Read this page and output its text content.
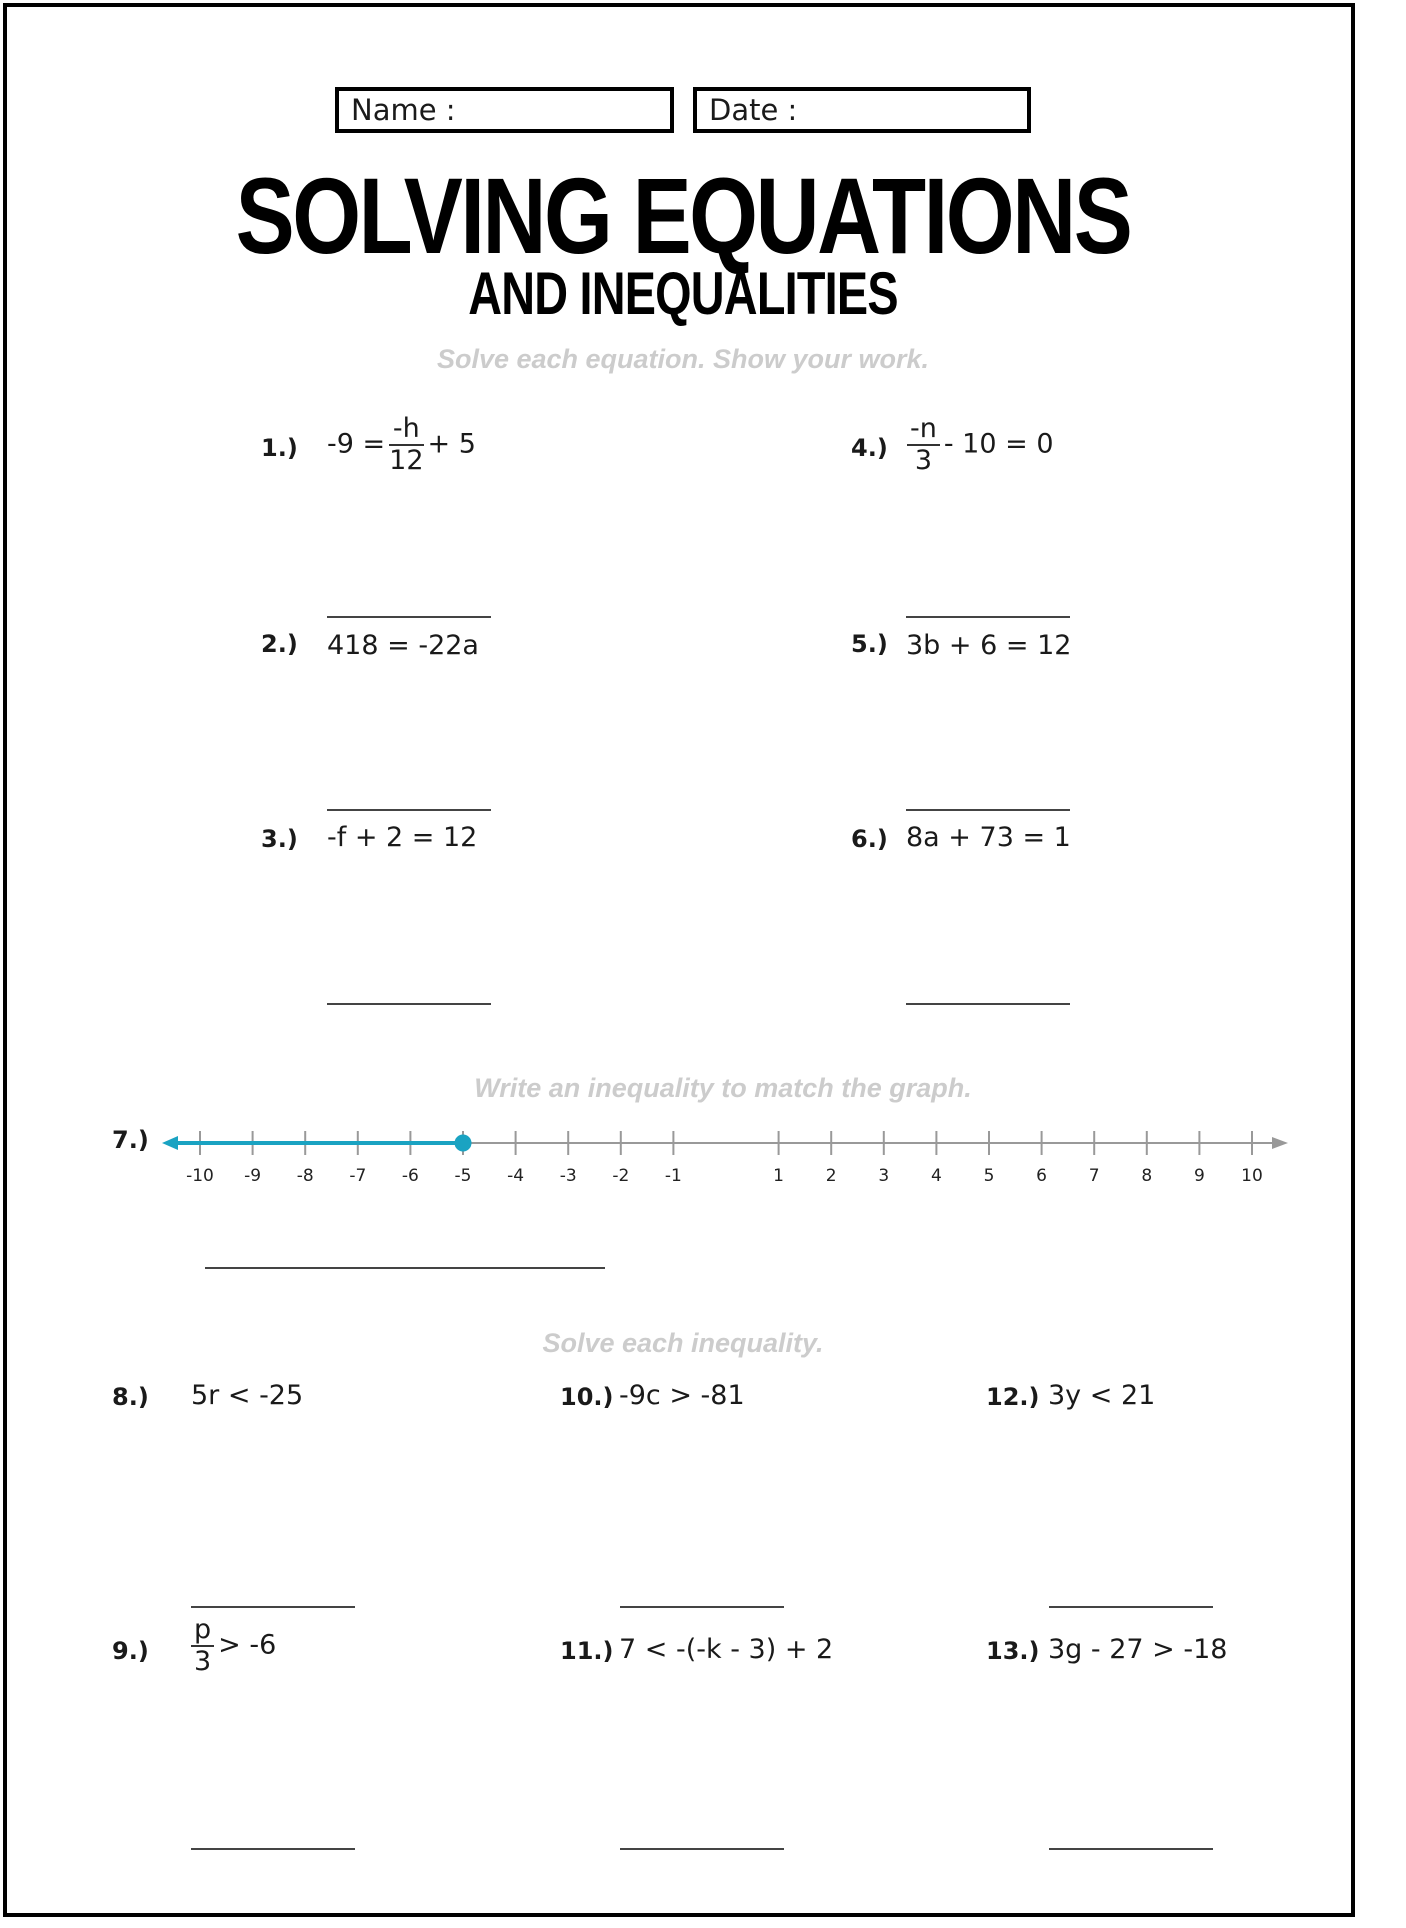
Name :	Date :
SOLVING EQUATIONS
AND INEQUALITIES
Solve each equation. Show your work.
1.) $-9 = \frac{-h}{12} + 5$
2.) 418 = -22a
3.) -f + 2 = 12
$4.) \frac{-n}{3} - 10 = 0$
5.) 3b + 6 = 12
6.) 8a + 73 = 1
Write an inequality to match the graph.
7.)
-10 -9 -8 -7 -6 -5 -4 -3 -2 -1	1 2 3 4 5 6 7 8 9 10
Solve each inequality.
8.) 5r < -25
$9.) \frac{p}{3} > -6$
10.) -9c > -81
11.) 7 < -(-k - 3) + 2
12.) 3y < 21
13.) 3g - 27 > -18
